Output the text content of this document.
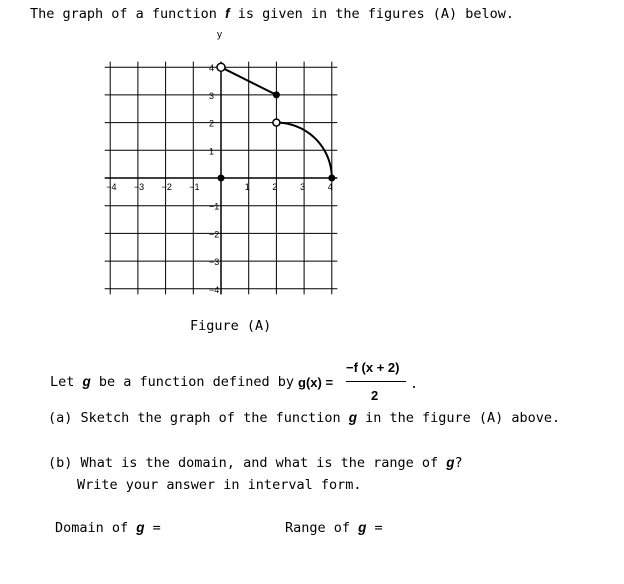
The graph of a function f is given in the figures (A) below.
−4 −3 −2 −1	1	2	3	4
4
3
2
1
−1
−2
−3
−4
y
Figure (A)
Let g be a function defined by g(x) =
−f (x + 2)
2
.
(a) Sketch the graph of the function g in the figure (A) above.
(b) What is the domain, and what is the range of g?
Write your answer in interval form.
Domain of g =	Range of g =
